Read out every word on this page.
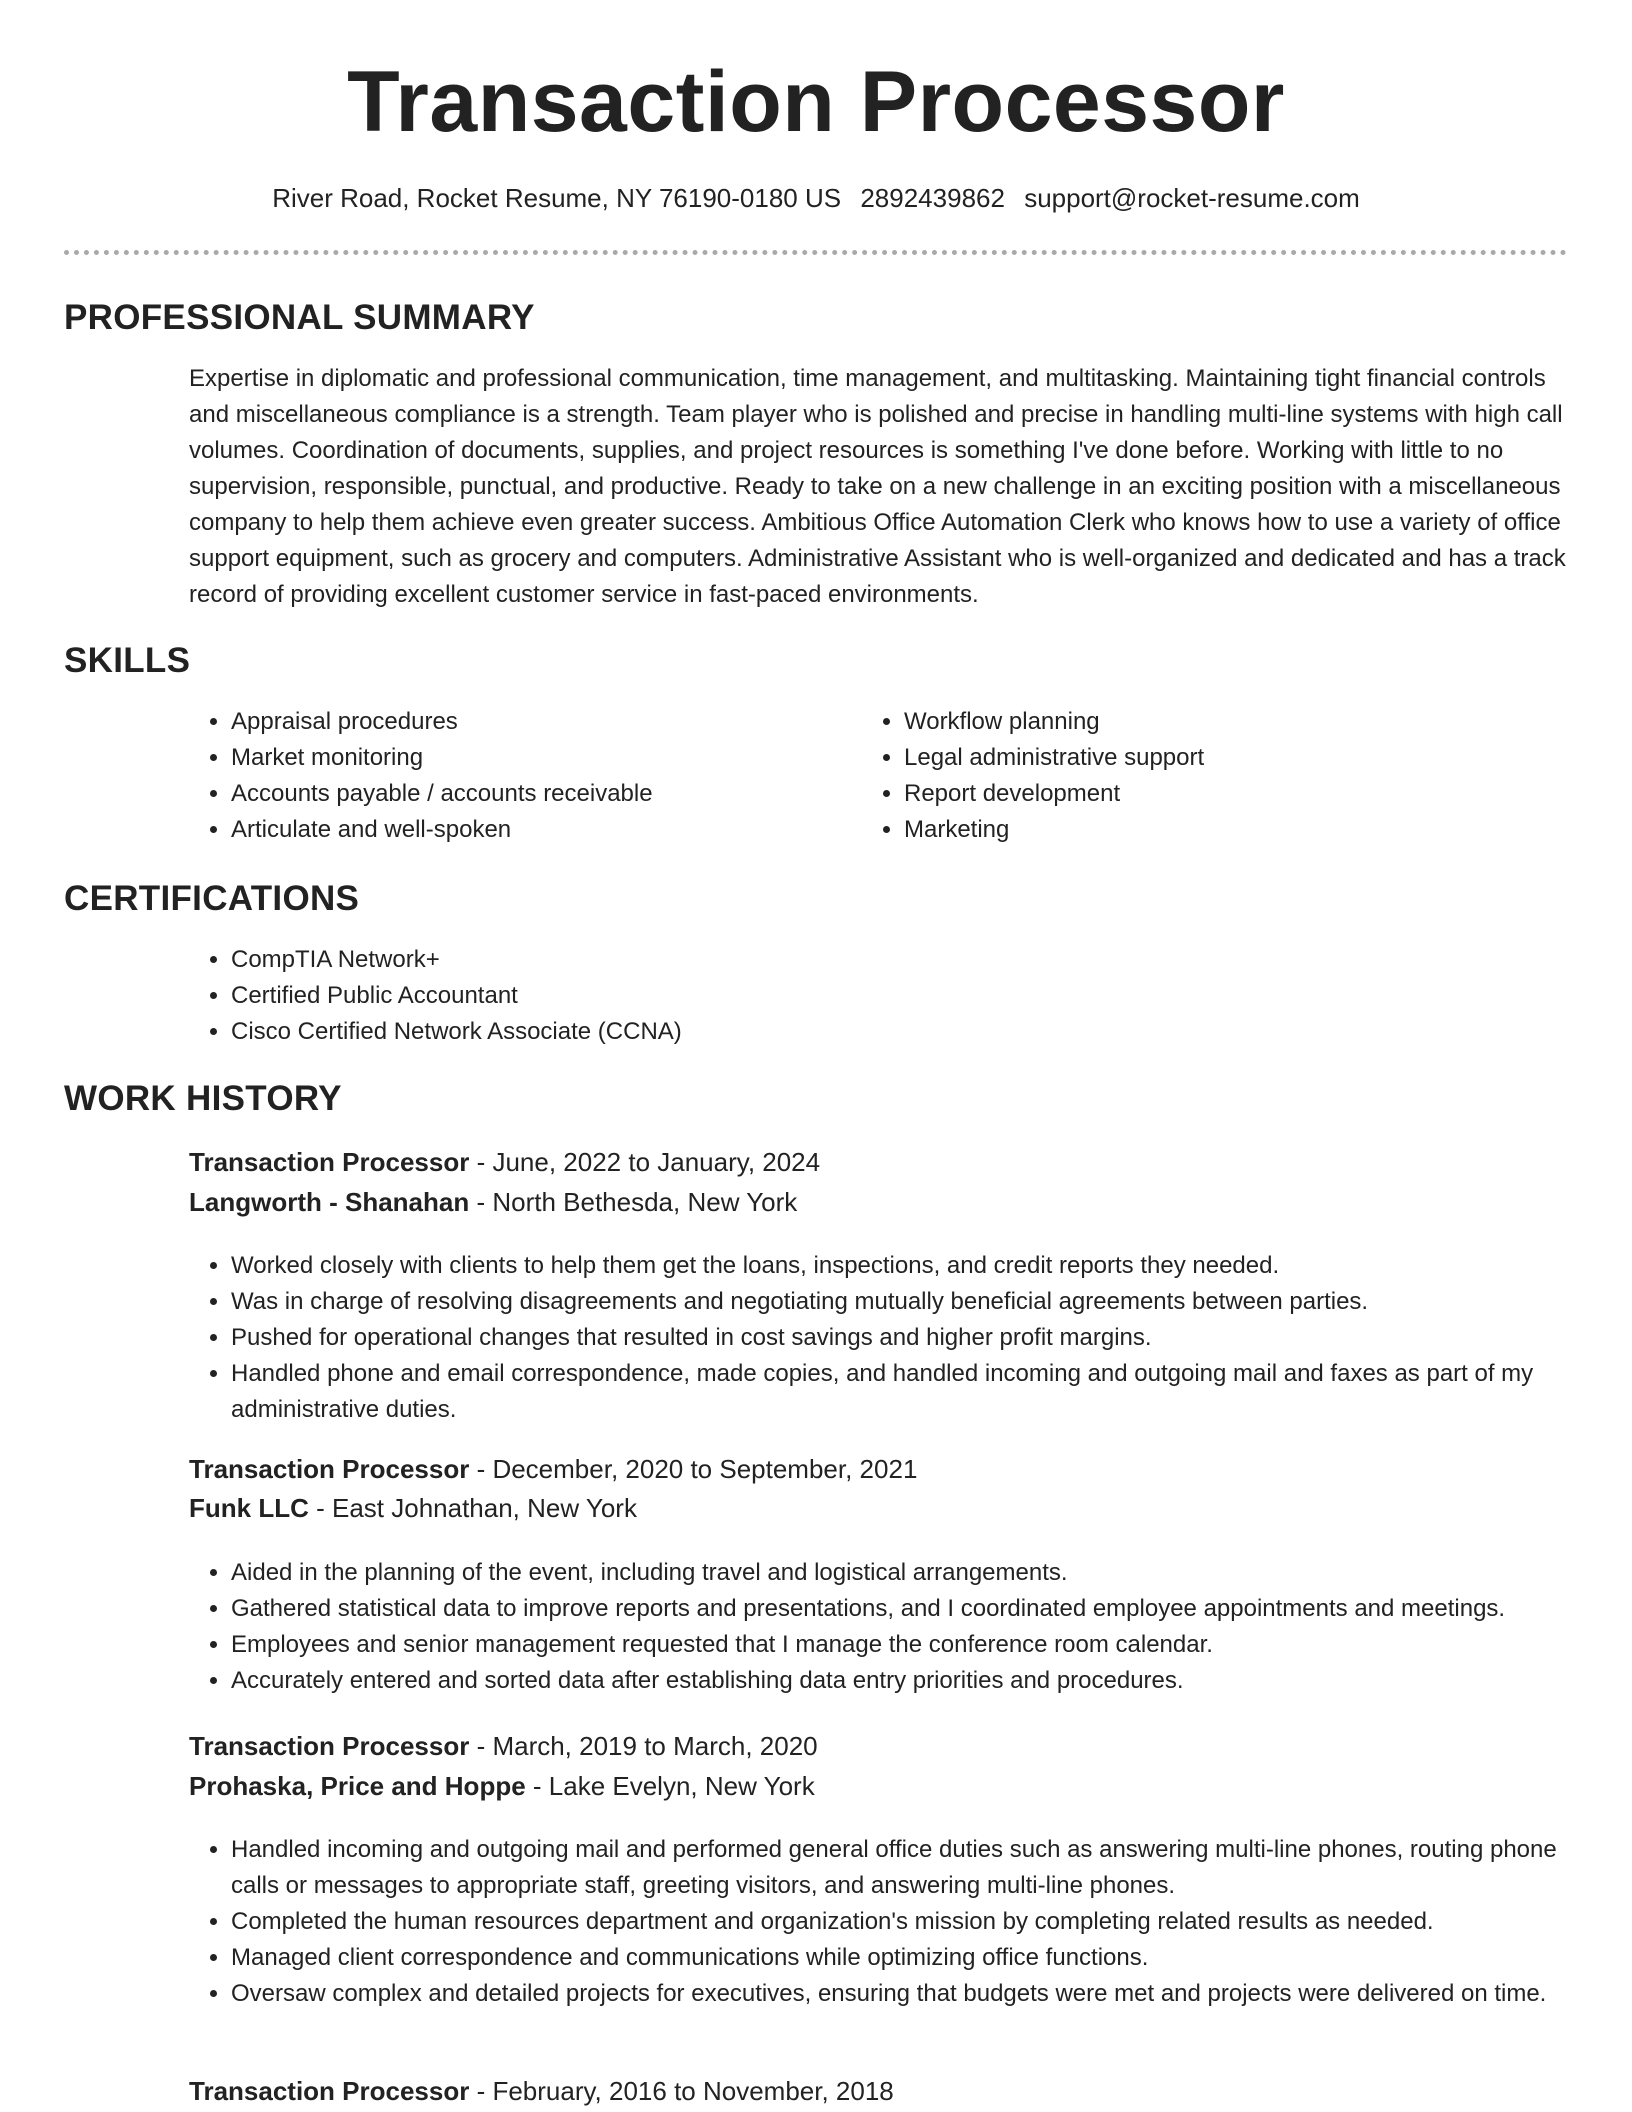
Transaction Processor
River Road, Rocket Resume, NY 76190-0180 US 2892439862 support@rocket-resume.com
PROFESSIONAL SUMMARY

Expertise in diplomatic and professional communication, time management, and multitasking. Maintaining tight financial controls and miscellaneous compliance is a strength. Team player who is polished and precise in handling multi-line systems with high call volumes. Coordination of documents, supplies, and project resources is something I've done before. Working with little to no supervision, responsible, punctual, and productive. Ready to take on a new challenge in an exciting position with a miscellaneous company to help them achieve even greater success. Ambitious Office Automation Clerk who knows how to use a variety of office support equipment, such as grocery and computers. Administrative Assistant who is well-organized and dedicated and has a track record of providing excellent customer service in fast-paced environments.

SKILLS
• Appraisal procedures
• Market monitoring
• Accounts payable / accounts receivable
• Articulate and well-spoken
• Workflow planning
• Legal administrative support
• Report development
• Marketing
CERTIFICATIONS
• CompTIA Network+
• Certified Public Accountant
• Cisco Certified Network Associate (CCNA)
WORK HISTORY
Transaction Processor - June, 2022 to January, 2024
Langworth - Shanahan - North Bethesda, New York
• Worked closely with clients to help them get the loans, inspections, and credit reports they needed.
• Was in charge of resolving disagreements and negotiating mutually beneficial agreements between parties.
• Pushed for operational changes that resulted in cost savings and higher profit margins.
• Handled phone and email correspondence, made copies, and handled incoming and outgoing mail and faxes as part of my administrative duties.
Transaction Processor - December, 2020 to September, 2021
Funk LLC - East Johnathan, New York
• Aided in the planning of the event, including travel and logistical arrangements.
• Gathered statistical data to improve reports and presentations, and I coordinated employee appointments and meetings.
• Employees and senior management requested that I manage the conference room calendar.
• Accurately entered and sorted data after establishing data entry priorities and procedures.
Transaction Processor - March, 2019 to March, 2020
Prohaska, Price and Hoppe - Lake Evelyn, New York
• Handled incoming and outgoing mail and performed general office duties such as answering multi-line phones, routing phone calls or messages to appropriate staff, greeting visitors, and answering multi-line phones.
• Completed the human resources department and organization's mission by completing related results as needed.
• Managed client correspondence and communications while optimizing office functions.
• Oversaw complex and detailed projects for executives, ensuring that budgets were met and projects were delivered on time.
Transaction Processor - February, 2016 to November, 2018
